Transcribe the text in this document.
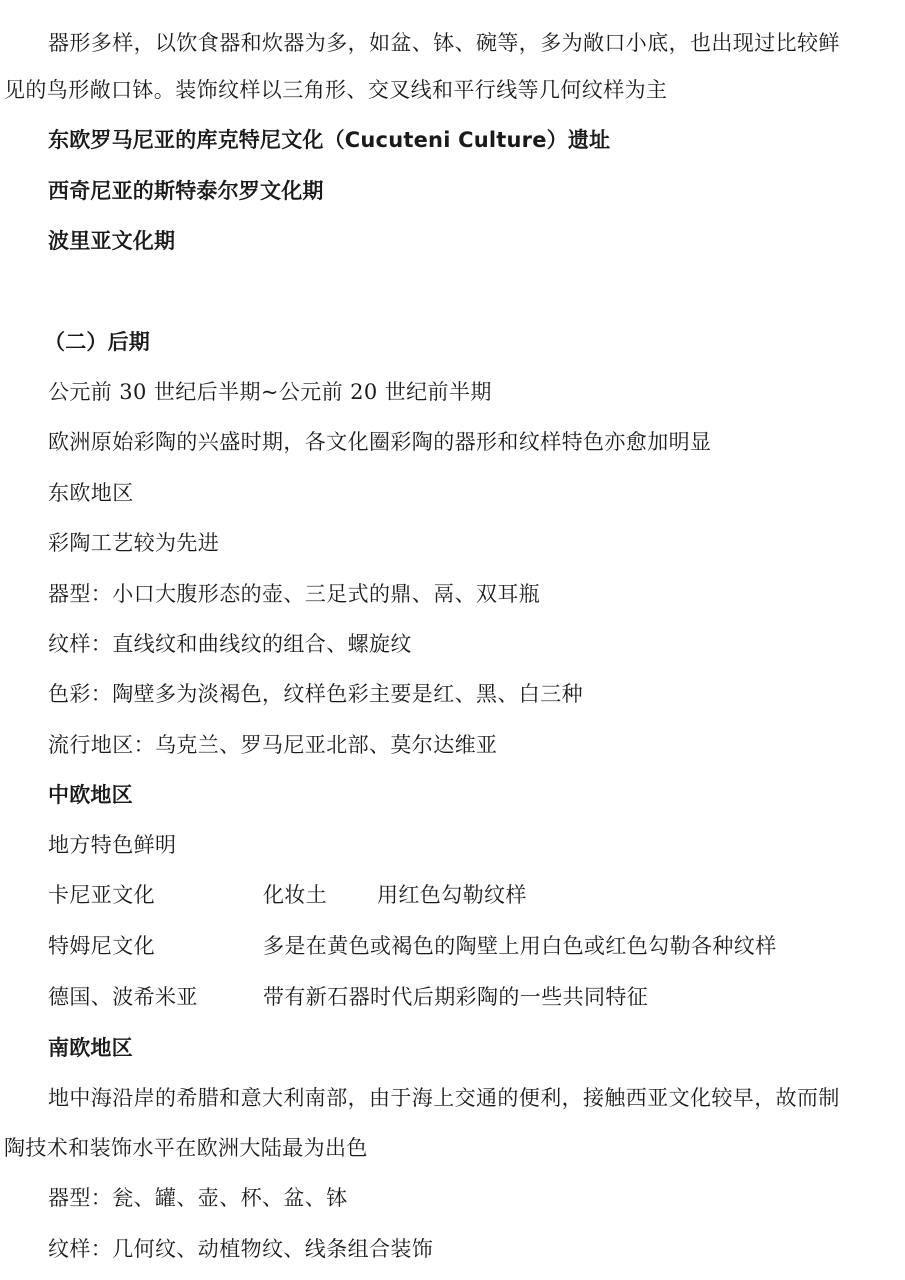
器形多样，以饮食器和炊器为多，如盆、钵、碗等，多为敞口小底，也出现过比较鲜
见的鸟形敞口钵。装饰纹样以三角形、交叉线和平行线等几何纹样为主
东欧罗马尼亚的库克特尼文化（Cucuteni Culture）遗址
西奇尼亚的斯特泰尔罗文化期
波里亚文化期
（二）后期
公元前 30 世纪后半期~公元前 20 世纪前半期
欧洲原始彩陶的兴盛时期，各文化圈彩陶的器形和纹样特色亦愈加明显
东欧地区
彩陶工艺较为先进
器型：小口大腹形态的壶、三足式的鼎、鬲、双耳瓶
纹样：直线纹和曲线纹的组合、螺旋纹
色彩：陶壁多为淡褐色，纹样色彩主要是红、黑、白三种
流行地区：乌克兰、罗马尼亚北部、莫尔达维亚
中欧地区
地方特色鲜明
卡尼亚文化	化妆土 用红色勾勒纹样
特姆尼文化	多是在黄色或褐色的陶壁上用白色或红色勾勒各种纹样
德国、波希米亚	带有新石器时代后期彩陶的一些共同特征
南欧地区
地中海沿岸的希腊和意大利南部，由于海上交通的便利，接触西亚文化较早，故而制
陶技术和装饰水平在欧洲大陆最为出色
器型：瓮、罐、壶、杯、盆、钵
纹样：几何纹、动植物纹、线条组合装饰
